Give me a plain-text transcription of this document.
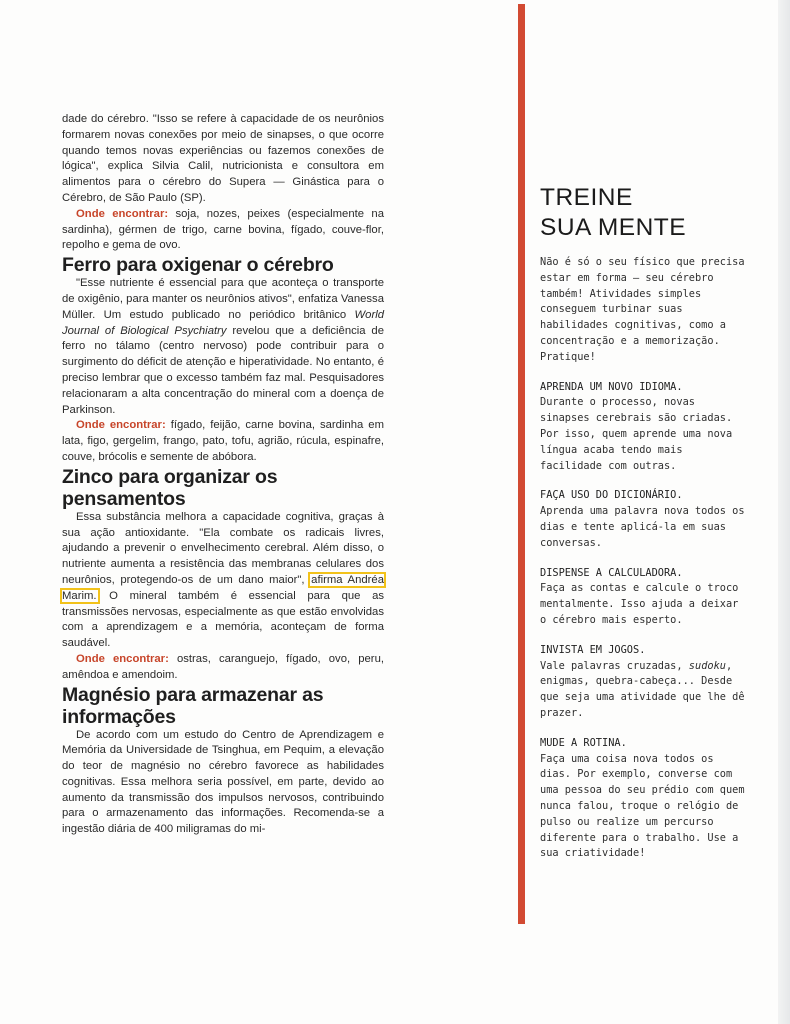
dade do cérebro. "Isso se refere à capacidade de os neurônios formarem novas conexões por meio de sinapses, o que ocorre quando temos novas experiências ou fazemos conexões de lógica", explica Silvia Calil, nutricionista e consultora em alimentos para o cérebro do Supera — Ginástica para o Cérebro, de São Paulo (SP).

Onde encontrar: soja, nozes, peixes (especialmente na sardinha), gérmen de trigo, carne bovina, fígado, couve-flor, repolho e gema de ovo.

Ferro para oxigenar o cérebro

"Esse nutriente é essencial para que aconteça o transporte de oxigênio, para manter os neurônios ativos", enfatiza Vanessa Müller. Um estudo publicado no periódico britânico World Journal of Biological Psychiatry revelou que a deficiência de ferro no tálamo (centro nervoso) pode contribuir para o surgimento do déficit de atenção e hiperatividade. No entanto, é preciso lembrar que o excesso também faz mal. Pesquisadores relacionaram a alta concentração do mineral com a doença de Parkinson.

Onde encontrar: fígado, feijão, carne bovina, sardinha em lata, figo, gergelim, frango, pato, tofu, agrião, rúcula, espinafre, couve, brócolis e semente de abóbora.

Zinco para organizar os pensamentos

Essa substância melhora a capacidade cognitiva, graças à sua ação antioxidante. "Ela combate os radicais livres, ajudando a prevenir o envelhecimento cerebral. Além disso, o nutriente aumenta a resistência das membranas celulares dos neurônios, protegendo-os de um dano maior", afirma Andréa Marim. O mineral também é essencial para que as transmissões nervosas, especialmente as que estão envolvidas com a aprendizagem e a memória, aconteçam de forma saudável.

Onde encontrar: ostras, caranguejo, fígado, ovo, peru, amêndoa e amendoim.

Magnésio para armazenar as informações

De acordo com um estudo do Centro de Aprendizagem e Memória da Universidade de Tsinghua, em Pequim, a elevação do teor de magnésio no cérebro favorece as habilidades cognitivas. Essa melhora seria possível, em parte, devido ao aumento da transmissão dos impulsos nervosos, contribuindo para o armazenamento das informações. Recomenda-se a ingestão diária de 400 miligramas do mi-

TREINE
SUA MENTE

Não é só o seu físico que precisa estar em forma — seu cérebro também! Atividades simples conseguem turbinar suas habilidades cognitivas, como a concentração e a memorização. Pratique!

APRENDA UM NOVO IDIOMA.

Durante o processo, novas sinapses cerebrais são criadas. Por isso, quem aprende uma nova língua acaba tendo mais facilidade com outras.

FAÇA USO DO DICIONÁRIO.

Aprenda uma palavra nova todos os dias e tente aplicá-la em suas conversas.

DISPENSE A CALCULADORA.

Faça as contas e calcule o troco mentalmente. Isso ajuda a deixar o cérebro mais esperto.

INVISTA EM JOGOS.

Vale palavras cruzadas, sudoku, enigmas, quebra-cabeça... Desde que seja uma atividade que lhe dê prazer.

MUDE A ROTINA.

Faça uma coisa nova todos os dias. Por exemplo, converse com uma pessoa do seu prédio com quem nunca falou, troque o relógio de pulso ou realize um percurso diferente para o trabalho. Use a sua criatividade!
